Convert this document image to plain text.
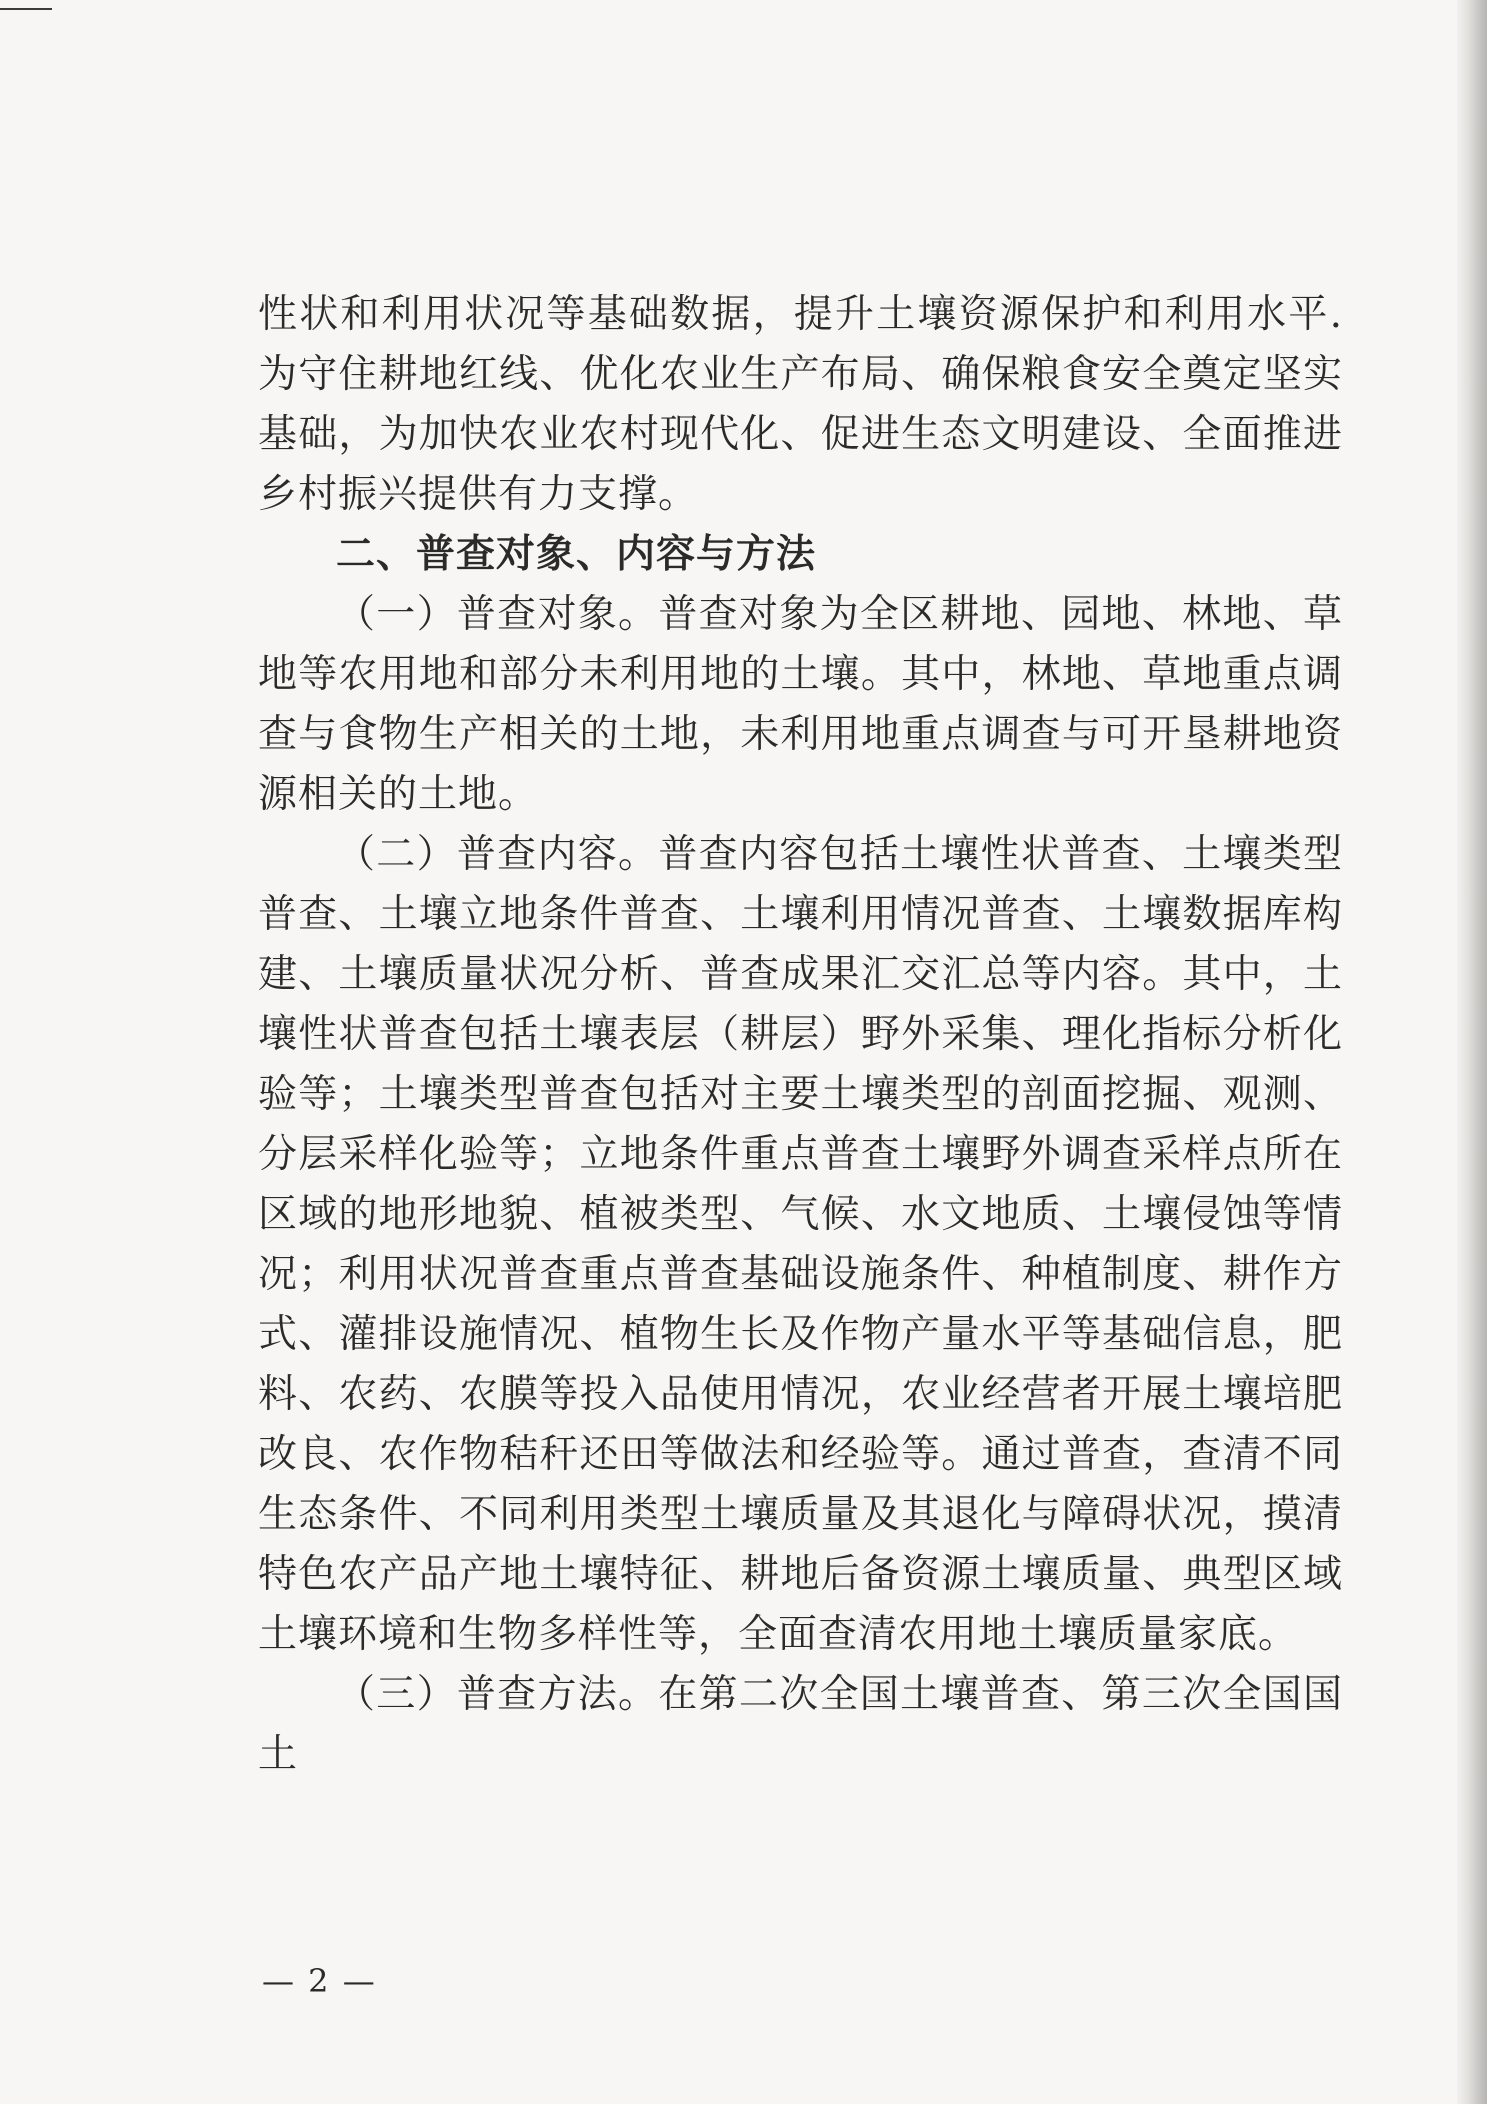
性状和利用状况等基础数据，提升土壤资源保护和利用水平.为守住耕地红线、优化农业生产布局、确保粮食安全奠定坚实基础，为加快农业农村现代化、促进生态文明建设、全面推进乡村振兴提供有力支撑。

二、普查对象、内容与方法

（一）普查对象。普查对象为全区耕地、园地、林地、草地等农用地和部分未利用地的土壤。其中，林地、草地重点调查与食物生产相关的土地，未利用地重点调查与可开垦耕地资源相关的土地。

（二）普查内容。普查内容包括土壤性状普查、土壤类型普查、土壤立地条件普查、土壤利用情况普查、土壤数据库构建、土壤质量状况分析、普查成果汇交汇总等内容。其中，土壤性状普查包括土壤表层（耕层）野外采集、理化指标分析化验等；土壤类型普查包括对主要土壤类型的剖面挖掘、观测、分层采样化验等；立地条件重点普查土壤野外调查采样点所在区域的地形地貌、植被类型、气候、水文地质、土壤侵蚀等情况；利用状况普查重点普查基础设施条件、种植制度、耕作方式、灌排设施情况、植物生长及作物产量水平等基础信息，肥料、农药、农膜等投入品使用情况，农业经营者开展土壤培肥改良、农作物秸秆还田等做法和经验等。通过普查，查清不同生态条件、不同利用类型土壤质量及其退化与障碍状况，摸清特色农产品产地土壤特征、耕地后备资源土壤质量、典型区域土壤环境和生物多样性等，全面查清农用地土壤质量家底。

（三）普查方法。在第二次全国土壤普查、第三次全国国土

— 2 —
